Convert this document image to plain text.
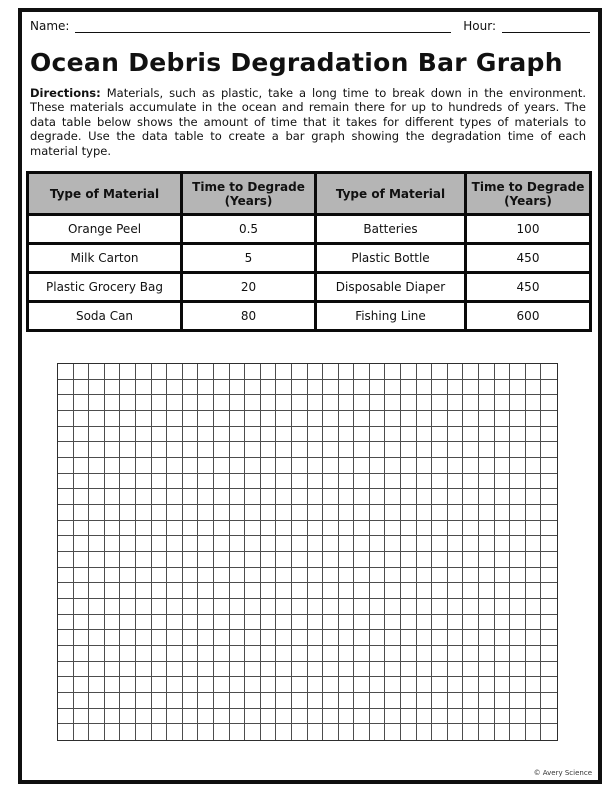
Name:	Hour:
Ocean Debris Degradation Bar Graph
Directions: Materials, such as plastic, take a long time to break down in the environment. These materials accumulate in the ocean and remain there for up to hundreds of years. The data table below shows the amount of time that it takes for different types of materials to degrade. Use the data table to create a bar graph showing the degradation time of each material type.
Type of Material	Time to Degrade (Years)	Type of Material	Time to Degrade (Years)
Orange Peel	0.5	Batteries	100
Milk Carton	5	Plastic Bottle	450
Plastic Grocery Bag	20	Disposable Diaper	450
Soda Can	80	Fishing Line	600
© Avery Science
